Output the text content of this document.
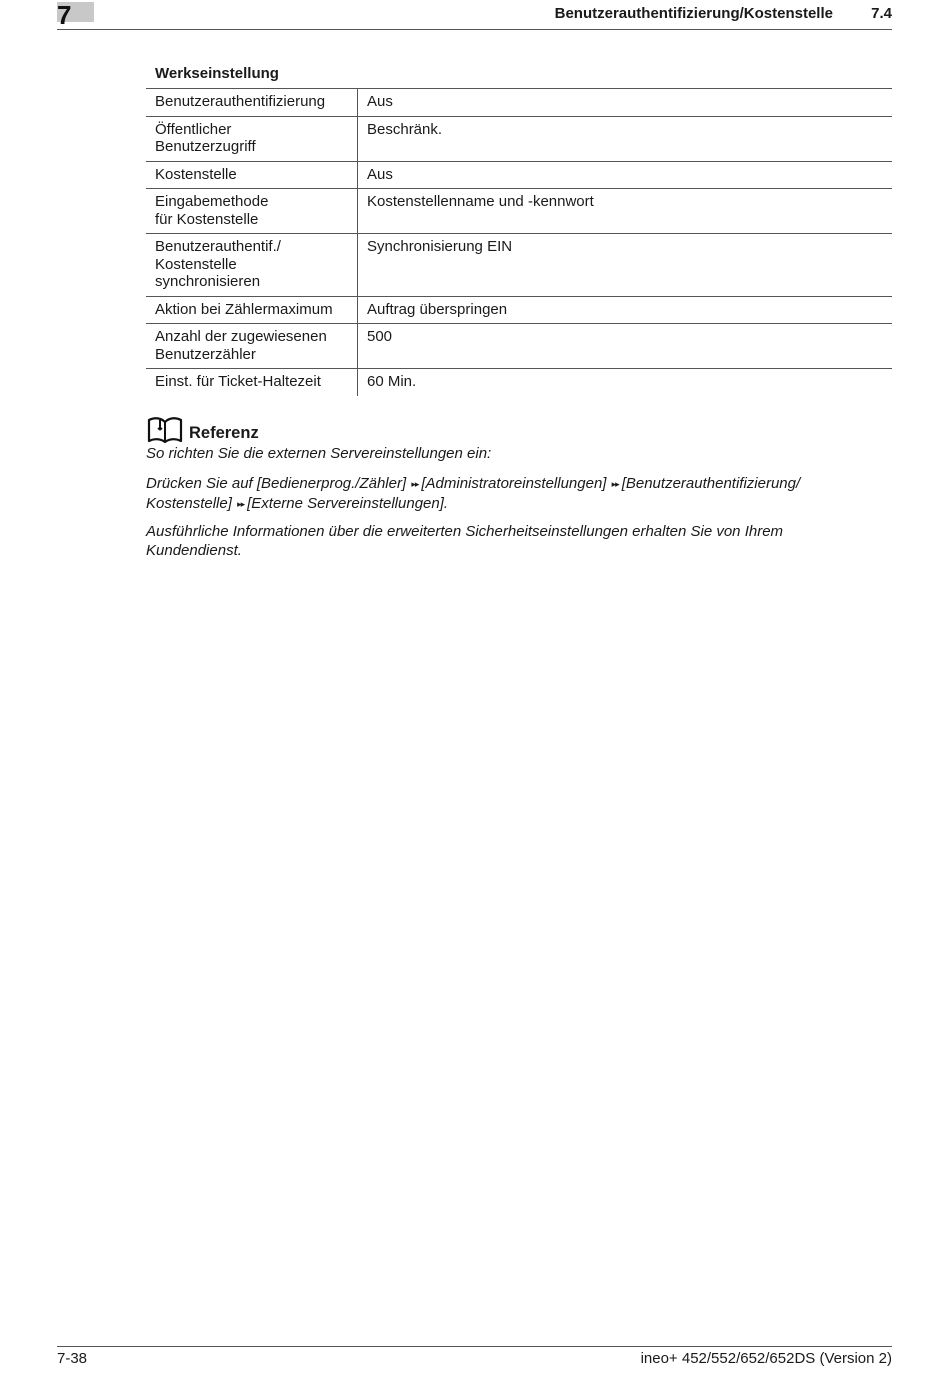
7	Benutzerauthentifizierung/Kostenstelle	7.4
Werkseinstellung
Benutzerauthentifizierung	Aus
Öffentlicher
Benutzerzugriff	Beschränk.
Kostenstelle	Aus
Eingabemethode
für Kostenstelle	Kostenstellenname und -kennwort
Benutzerauthentif./
Kostenstelle
synchronisieren	Synchronisierung EIN
Aktion bei Zählermaximum	Auftrag überspringen
Anzahl der zugewiesenen
Benutzerzähler	500
Einst. für Ticket-Haltezeit	60 Min.
Referenz
So richten Sie die externen Servereinstellungen ein:
Drücken Sie auf [Bedienerprog./Zähler] ▸▸ [Administratoreinstellungen] ▸▸ [Benutzerauthentifizierung/
Kostenstelle] ▸▸ [Externe Servereinstellungen].
Ausführliche Informationen über die erweiterten Sicherheitseinstellungen erhalten Sie von Ihrem Kundendienst.
7-38	ineo+ 452/552/652/652DS (Version 2)
